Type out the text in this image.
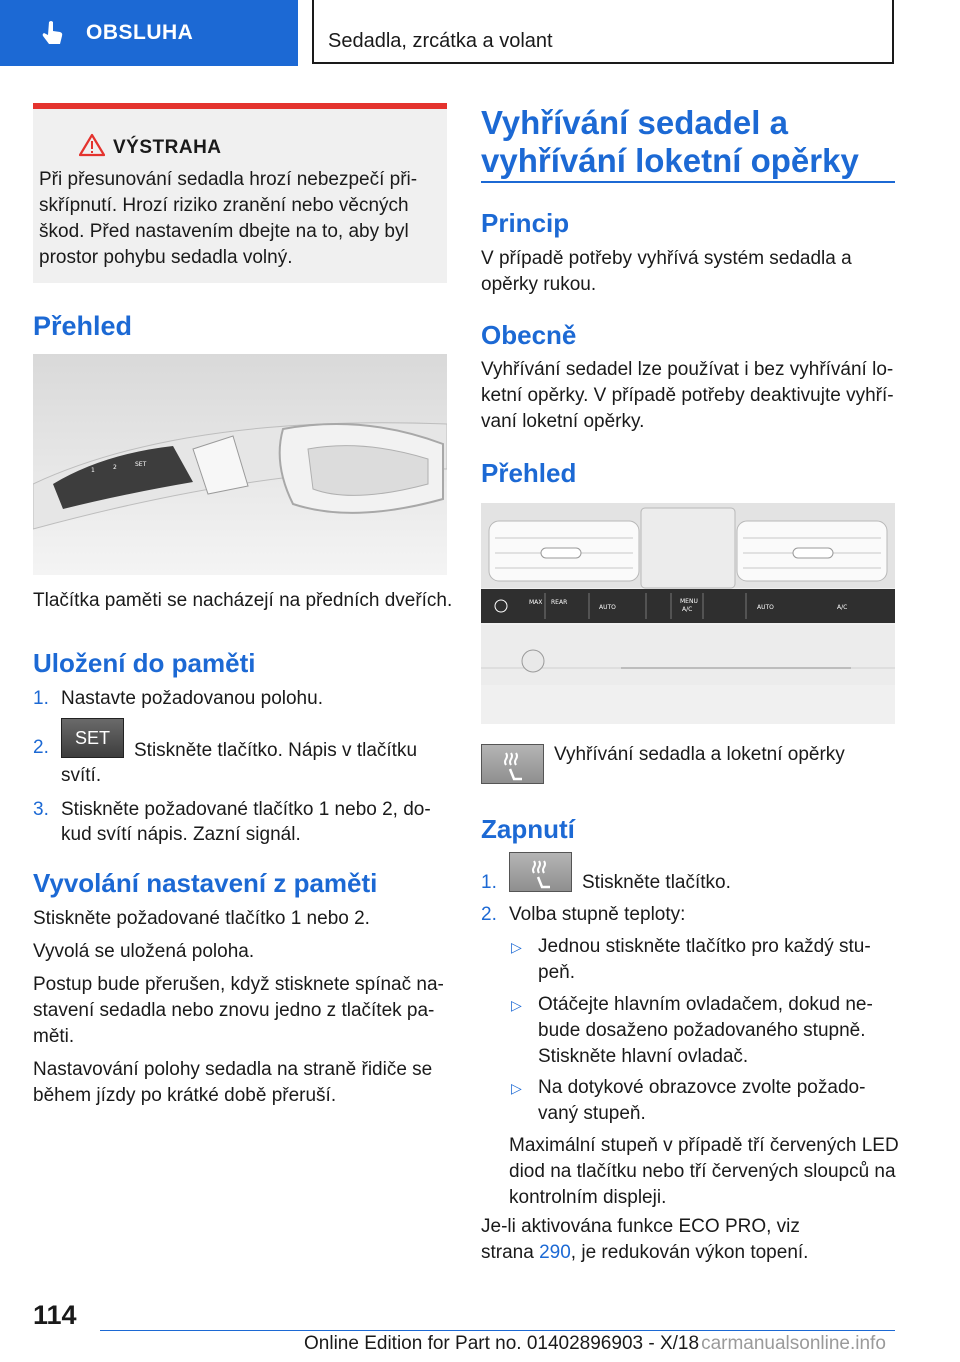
OBSLUHA	Sedadla, zrcátka a volant
VÝSTRAHA
Při přesunování sedadla hrozí nebezpečí při-
skřípnutí. Hrozí riziko zranění nebo věcných
škod. Před nastavením dbejte na to, aby byl
prostor pohybu sedadla volný.
Přehled
1	2	SET

Tlačítka paměti se nacházejí na předních dveřích.

Uložení do paměti
1. Nastavte požadovanou polohu.
2. SET
Stiskněte tlačítko. Nápis v tlačítku
svítí.
3. Stiskněte požadované tlačítko 1 nebo 2, do-
kud svítí nápis. Zazní signál.
Vyvolání nastavení z paměti

Stiskněte požadované tlačítko 1 nebo 2.

Vyvolá se uložená poloha.

Postup bude přerušen, když stisknete spínač na-

stavení sedadla nebo znovu jedno z tlačítek pa-

měti.

Nastavování polohy sedadla na straně řidiče se

během jízdy po krátké době přeruší.

Vyhřívání sedadel a
vyhřívání loketní opěrky
Princip

V případě potřeby vyhřívá systém sedadla a

opěrky rukou.

Obecně

Vyhřívání sedadel lze používat i bez vyhřívání lo-

ketní opěrky. V případě potřeby deaktivujte vyhří-

vaní loketní opěrky.

Přehled
MAX REAR
AUTO
MENU
A/C	AUTO	A/C

Vyhřívání sedadla a loketní opěrky

Zapnutí
1.	Stiskněte tlačítko.
2. Volba stupně teploty:
▷ Jednou stiskněte tlačítko pro každý stu-

peň.

▷ Otáčejte hlavním ovladačem, dokud ne-

bude dosaženo požadovaného stupně.

Stiskněte hlavní ovladač.

▷ Na dotykové obrazovce zvolte požado-

vaný stupeň.

Maximální stupeň v případě tří červených LED

diod na tlačítku nebo tří červených sloupců na

kontrolním displeji.

Je-li aktivována funkce ECO PRO, viz

strana 290, je redukován výkon topení.

114
Online Edition for Part no. 01402896903 - X/18 carmanualsonline.info
